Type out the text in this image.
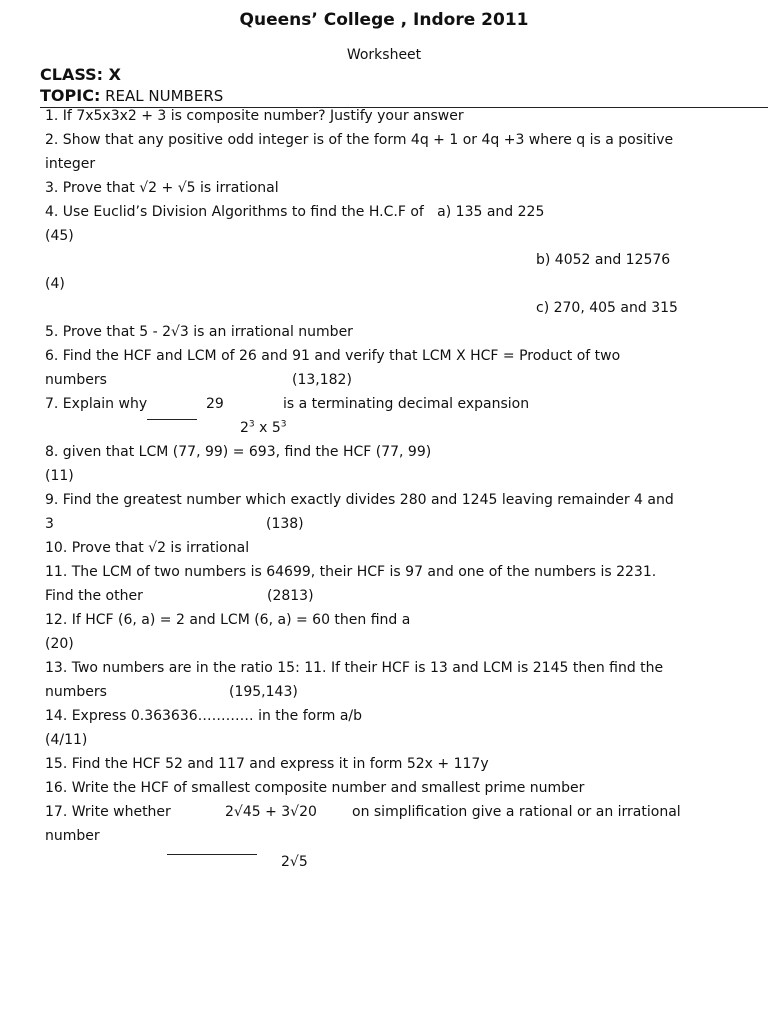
Queens’ College , Indore 2011
Worksheet
CLASS: X
TOPIC: REAL NUMBERS
1. If 7x5x3x2 + 3 is composite number? Justify your answer
2. Show that any positive odd integer is of the form 4q + 1 or 4q +3 where q is a positive
integer
3. Prove that √2 + √5 is irrational
4. Use Euclid’s Division Algorithms to find the H.C.F of   a) 135 and 225
(45)
b) 4052 and 12576
(4)
c) 270, 405 and 315
5. Prove that 5 - 2√3 is an irrational number
6. Find the HCF and LCM of 26 and 91 and verify that LCM X HCF = Product of two
numbers	(13,182)
7. Explain why	29	is a terminating decimal expansion
$2^3$ x $5^3$
8. given that LCM (77, 99) = 693, find the HCF (77, 99)
(11)
9. Find the greatest number which exactly divides 280 and 1245 leaving remainder 4 and
3	(138)
10. Prove that √2 is irrational
11. The LCM of two numbers is 64699, their HCF is 97 and one of the numbers is 2231.
Find the other	(2813)
12. If HCF (6, a) = 2 and LCM (6, a) = 60 then find a
(20)
13. Two numbers are in the ratio 15: 11. If their HCF is 13 and LCM is 2145 then find the
numbers	(195,143)
14. Express 0.363636………… in the form a/b
(4/11)
15. Find the HCF 52 and 117 and express it in form 52x + 117y
16. Write the HCF of smallest composite number and smallest prime number
17. Write whether	2√45 + 3√20	on simplification give a rational or an irrational
number
2√5
